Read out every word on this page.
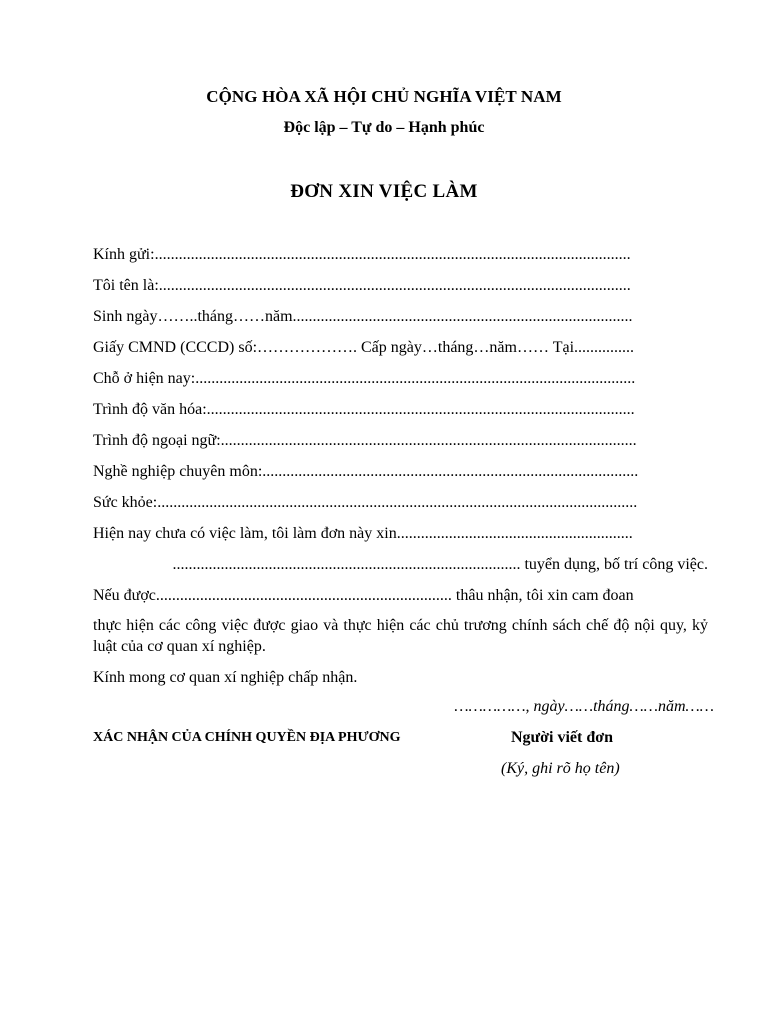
CỘNG HÒA XÃ HỘI CHỦ NGHĨA VIỆT NAM
Độc lập – Tự do – Hạnh phúc
ĐƠN XIN VIỆC LÀM
Kính gửi:.......................................................................................................................
Tôi tên là:......................................................................................................................
Sinh ngày……..tháng……năm.....................................................................................
Giấy CMND (CCCD) số:………………. Cấp ngày…tháng…năm…… Tại...............
Chỗ ở hiện nay:..............................................................................................................
Trình độ văn hóa:...........................................................................................................
Trình độ ngoại ngữ:........................................................................................................
Nghề nghiệp chuyên môn:..............................................................................................
Sức khỏe:........................................................................................................................
Hiện nay chưa có việc làm, tôi làm đơn này xin...........................................................
....................................................................................... tuyển dụng, bố trí công việc.
Nếu được.......................................................................... thâu nhận, tôi xin cam đoan
thực hiện các công việc được giao và thực hiện các chủ trương chính sách chế độ nội quy, kỷ luật của cơ quan xí nghiệp.
Kính mong cơ quan xí nghiệp chấp nhận.
……………, ngày……tháng……năm……
XÁC NHẬN CỦA CHÍNH QUYỀN ĐỊA PHƯƠNG	Người viết đơn
(Ký, ghi rõ họ tên)
